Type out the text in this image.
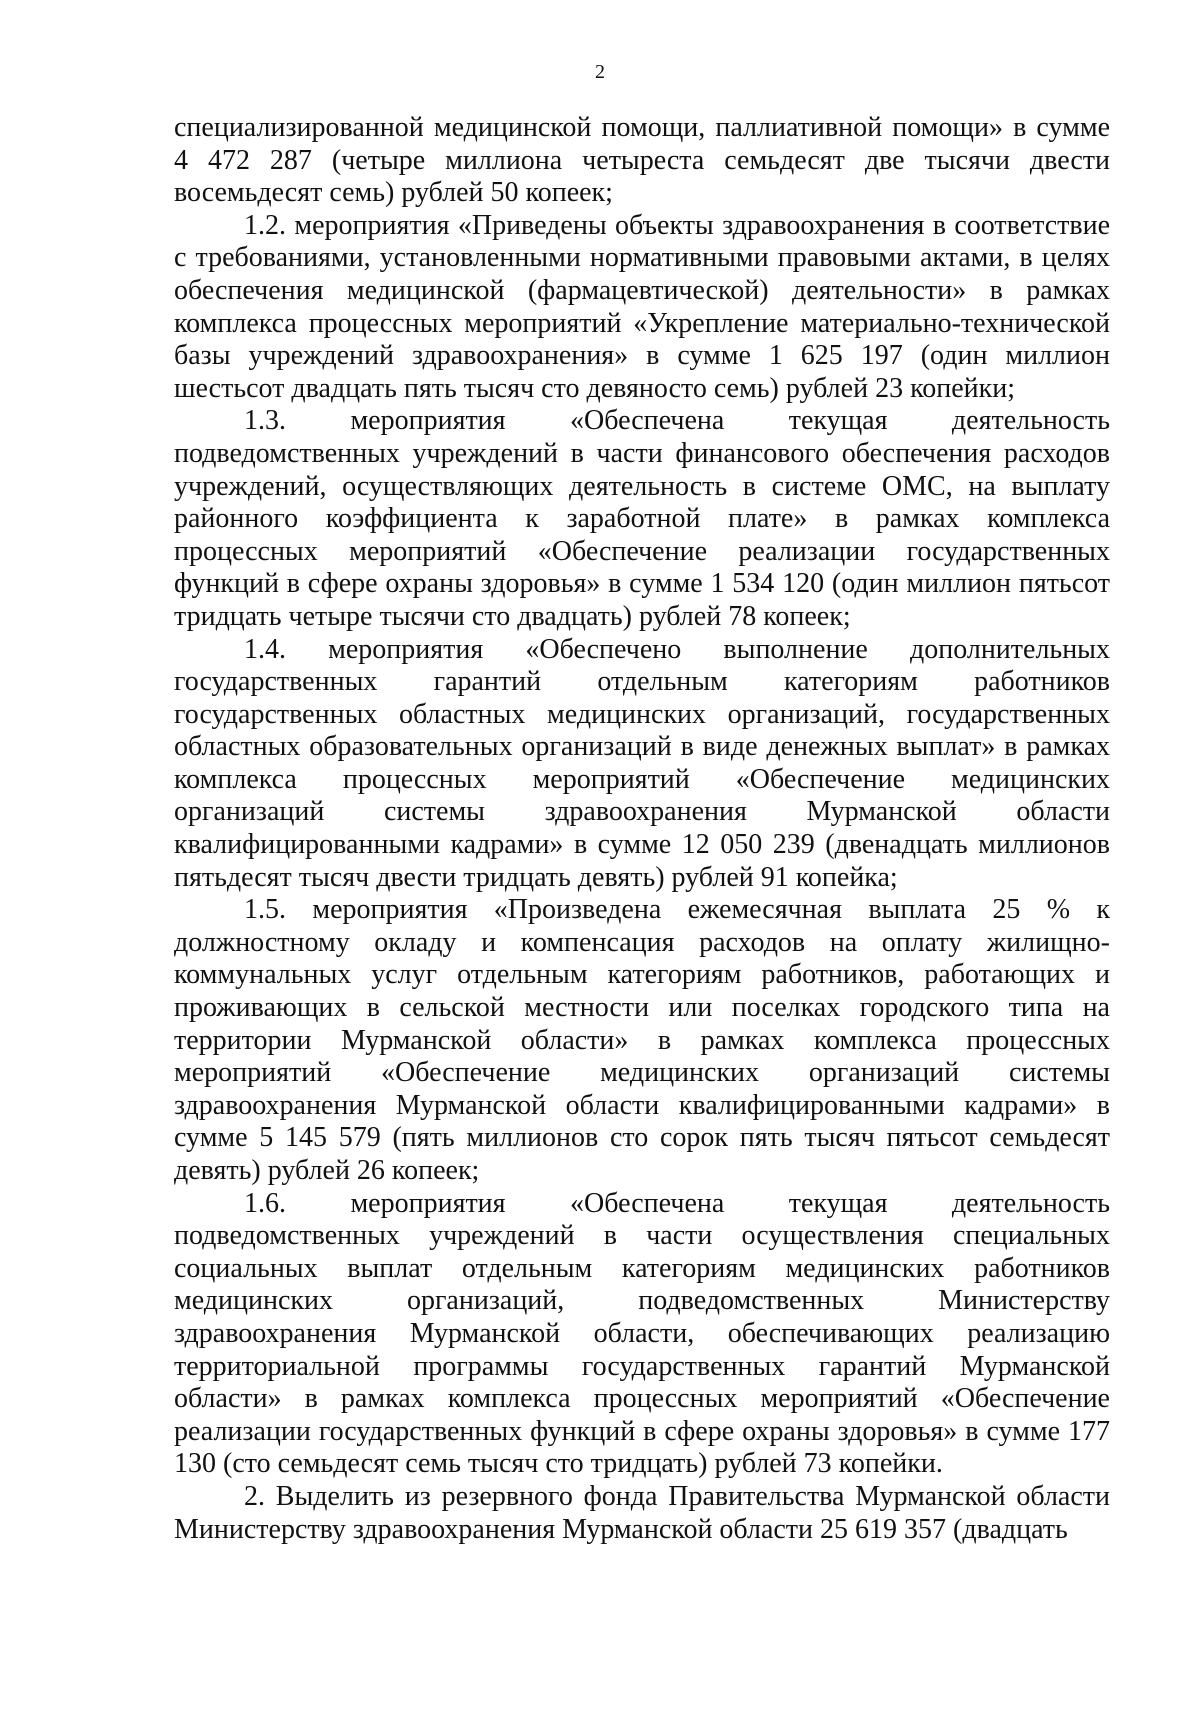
2

специализированной медицинской помощи, паллиативной помощи» в сумме 4 472 287 (четыре миллиона четыреста семьдесят две тысячи двести восемьдесят семь) рублей 50 копеек;

1.2. мероприятия «Приведены объекты здравоохранения в соответствие с требованиями, установленными нормативными правовыми актами, в целях обеспечения медицинской (фармацевтической) деятельности» в рамках комплекса процессных мероприятий «Укрепление материально-технической базы учреждений здравоохранения» в сумме 1 625 197 (один миллион шестьсот двадцать пять тысяч сто девяносто семь) рублей 23 копейки;

1.3. мероприятия «Обеспечена текущая деятельность подведомственных учреждений в части финансового обеспечения расходов учреждений, осуществляющих деятельность в системе ОМС, на выплату районного коэффициента к заработной плате» в рамках комплекса процессных мероприятий «Обеспечение реализации государственных функций в сфере охраны здоровья» в сумме 1 534 120 (один миллион пятьсот тридцать четыре тысячи сто двадцать) рублей 78 копеек;

1.4. мероприятия «Обеспечено выполнение дополнительных государственных гарантий отдельным категориям работников государственных областных медицинских организаций, государственных областных образовательных организаций в виде денежных выплат» в рамках комплекса процессных мероприятий «Обеспечение медицинских организаций системы здравоохранения Мурманской области квалифицированными кадрами» в сумме 12 050 239 (двенадцать миллионов пятьдесят тысяч двести тридцать девять) рублей 91 копейка;

1.5. мероприятия «Произведена ежемесячная выплата 25 % к должностному окладу и компенсация расходов на оплату жилищно-коммунальных услуг отдельным категориям работников, работающих и проживающих в сельской местности или поселках городского типа на территории Мурманской области» в рамках комплекса процессных мероприятий «Обеспечение медицинских организаций системы здравоохранения Мурманской области квалифицированными кадрами» в сумме 5 145 579 (пять миллионов сто сорок пять тысяч пятьсот семьдесят девять) рублей 26 копеек;

1.6. мероприятия «Обеспечена текущая деятельность подведомственных учреждений в части осуществления специальных социальных выплат отдельным категориям медицинских работников медицинских организаций, подведомственных Министерству здравоохранения Мурманской области, обеспечивающих реализацию территориальной программы государственных гарантий Мурманской области» в рамках комплекса процессных мероприятий «Обеспечение реализации государственных функций в сфере охраны здоровья» в сумме 177 130 (сто семьдесят семь тысяч сто тридцать) рублей 73 копейки.

2. Выделить из резервного фонда Правительства Мурманской области Министерству здравоохранения Мурманской области 25 619 357 (двадцать
